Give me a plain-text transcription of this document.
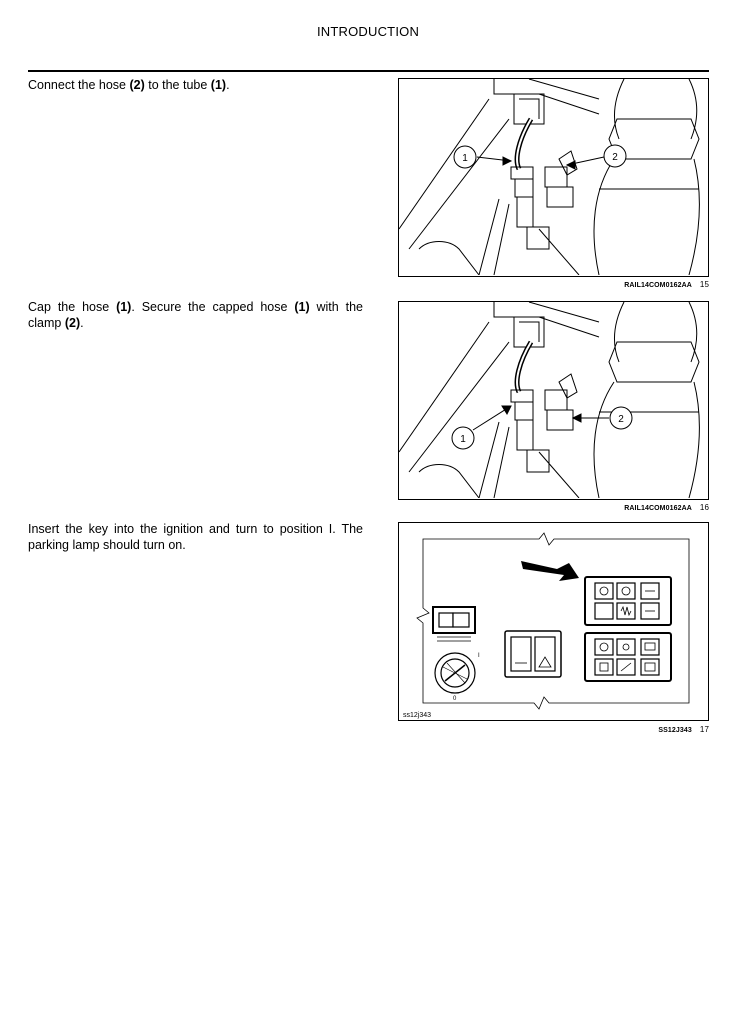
INTRODUCTION
Connect the hose (2) to the tube (1).
1	2
RAIL14COM0162AA 15
Cap the hose (1). Secure the capped hose (1) with the clamp (2).
1
2
RAIL14COM0162AA 16
Insert the key into the ignition and turn to position I. The parking lamp should turn on.
I
0
ss12j343
SS12J343 17
